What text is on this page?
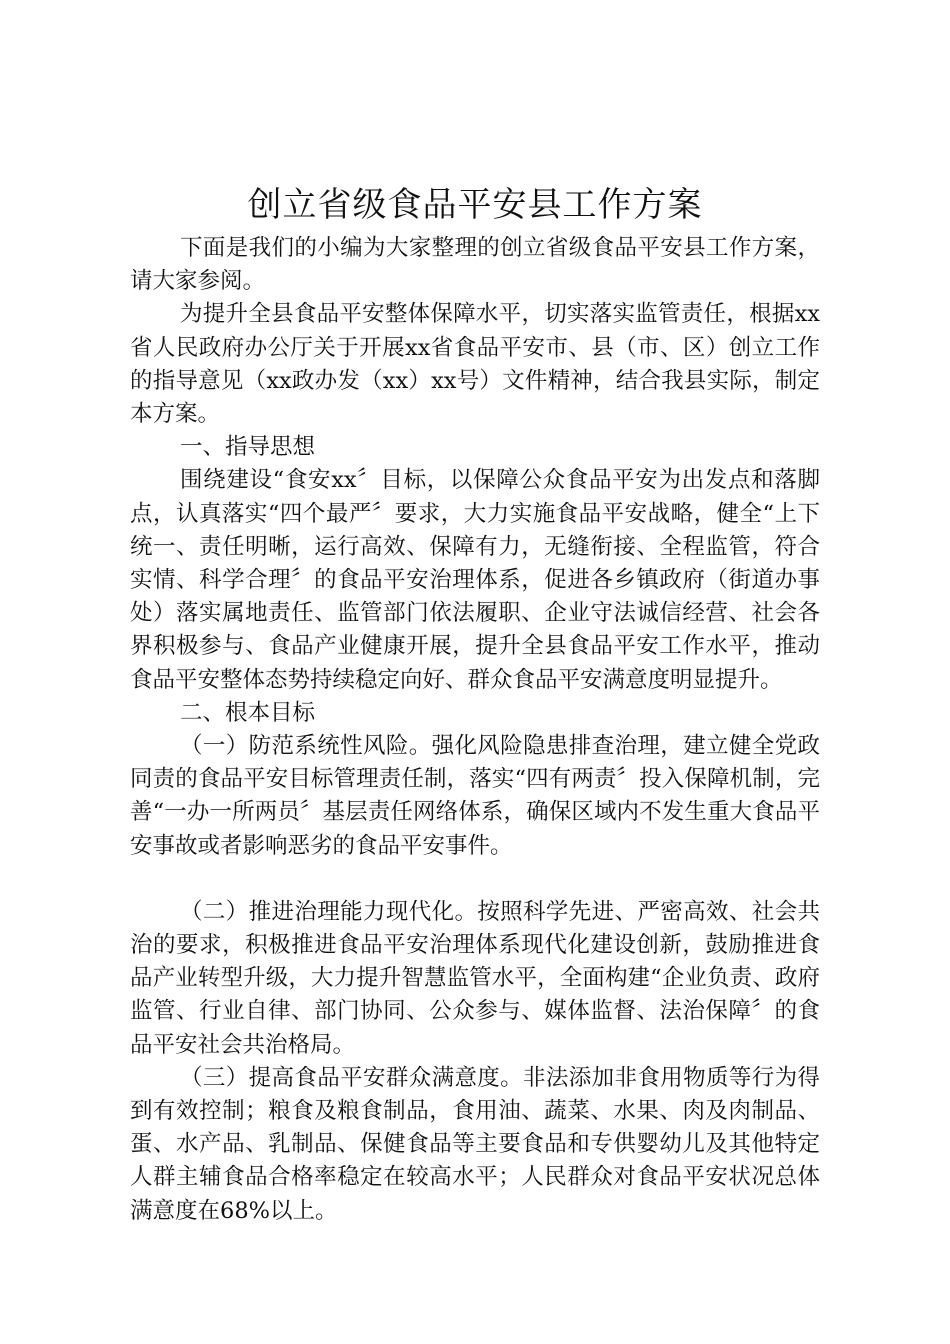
创立省级食品平安县工作方案

下面是我们的小编为大家整理的创立省级食品平安县工作方案，请大家参阅。

为提升全县食品平安整体保障水平，切实落实监管责任，根据xx省人民政府办公厅关于开展xx省食品平安市、县（市、区）创立工作的指导意见（xx政办发（xx）xx号）文件精神，结合我县实际，制定本方案。

一、指导思想

围绕建设“食安xx〞目标，以保障公众食品平安为出发点和落脚点，认真落实“四个最严〞要求，大力实施食品平安战略，健全“上下统一、责任明晰，运行高效、保障有力，无缝衔接、全程监管，符合实情、科学合理〞的食品平安治理体系，促进各乡镇政府（街道办事处）落实属地责任、监管部门依法履职、企业守法诚信经营、社会各界积极参与、食品产业健康开展，提升全县食品平安工作水平，推动食品平安整体态势持续稳定向好、群众食品平安满意度明显提升。

二、根本目标

（一）防范系统性风险。强化风险隐患排查治理，建立健全党政同责的食品平安目标管理责任制，落实“四有两责〞投入保障机制，完善“一办一所两员〞基层责任网络体系，确保区域内不发生重大食品平安事故或者影响恶劣的食品平安事件。

（二）推进治理能力现代化。按照科学先进、严密高效、社会共治的要求，积极推进食品平安治理体系现代化建设创新，鼓励推进食品产业转型升级，大力提升智慧监管水平，全面构建“企业负责、政府监管、行业自律、部门协同、公众参与、媒体监督、法治保障〞的食品平安社会共治格局。

（三）提高食品平安群众满意度。非法添加非食用物质等行为得到有效控制；粮食及粮食制品，食用油、蔬菜、水果、肉及肉制品、蛋、水产品、乳制品、保健食品等主要食品和专供婴幼儿及其他特定人群主辅食品合格率稳定在较高水平；人民群众对食品平安状况总体满意度在68%以上。
